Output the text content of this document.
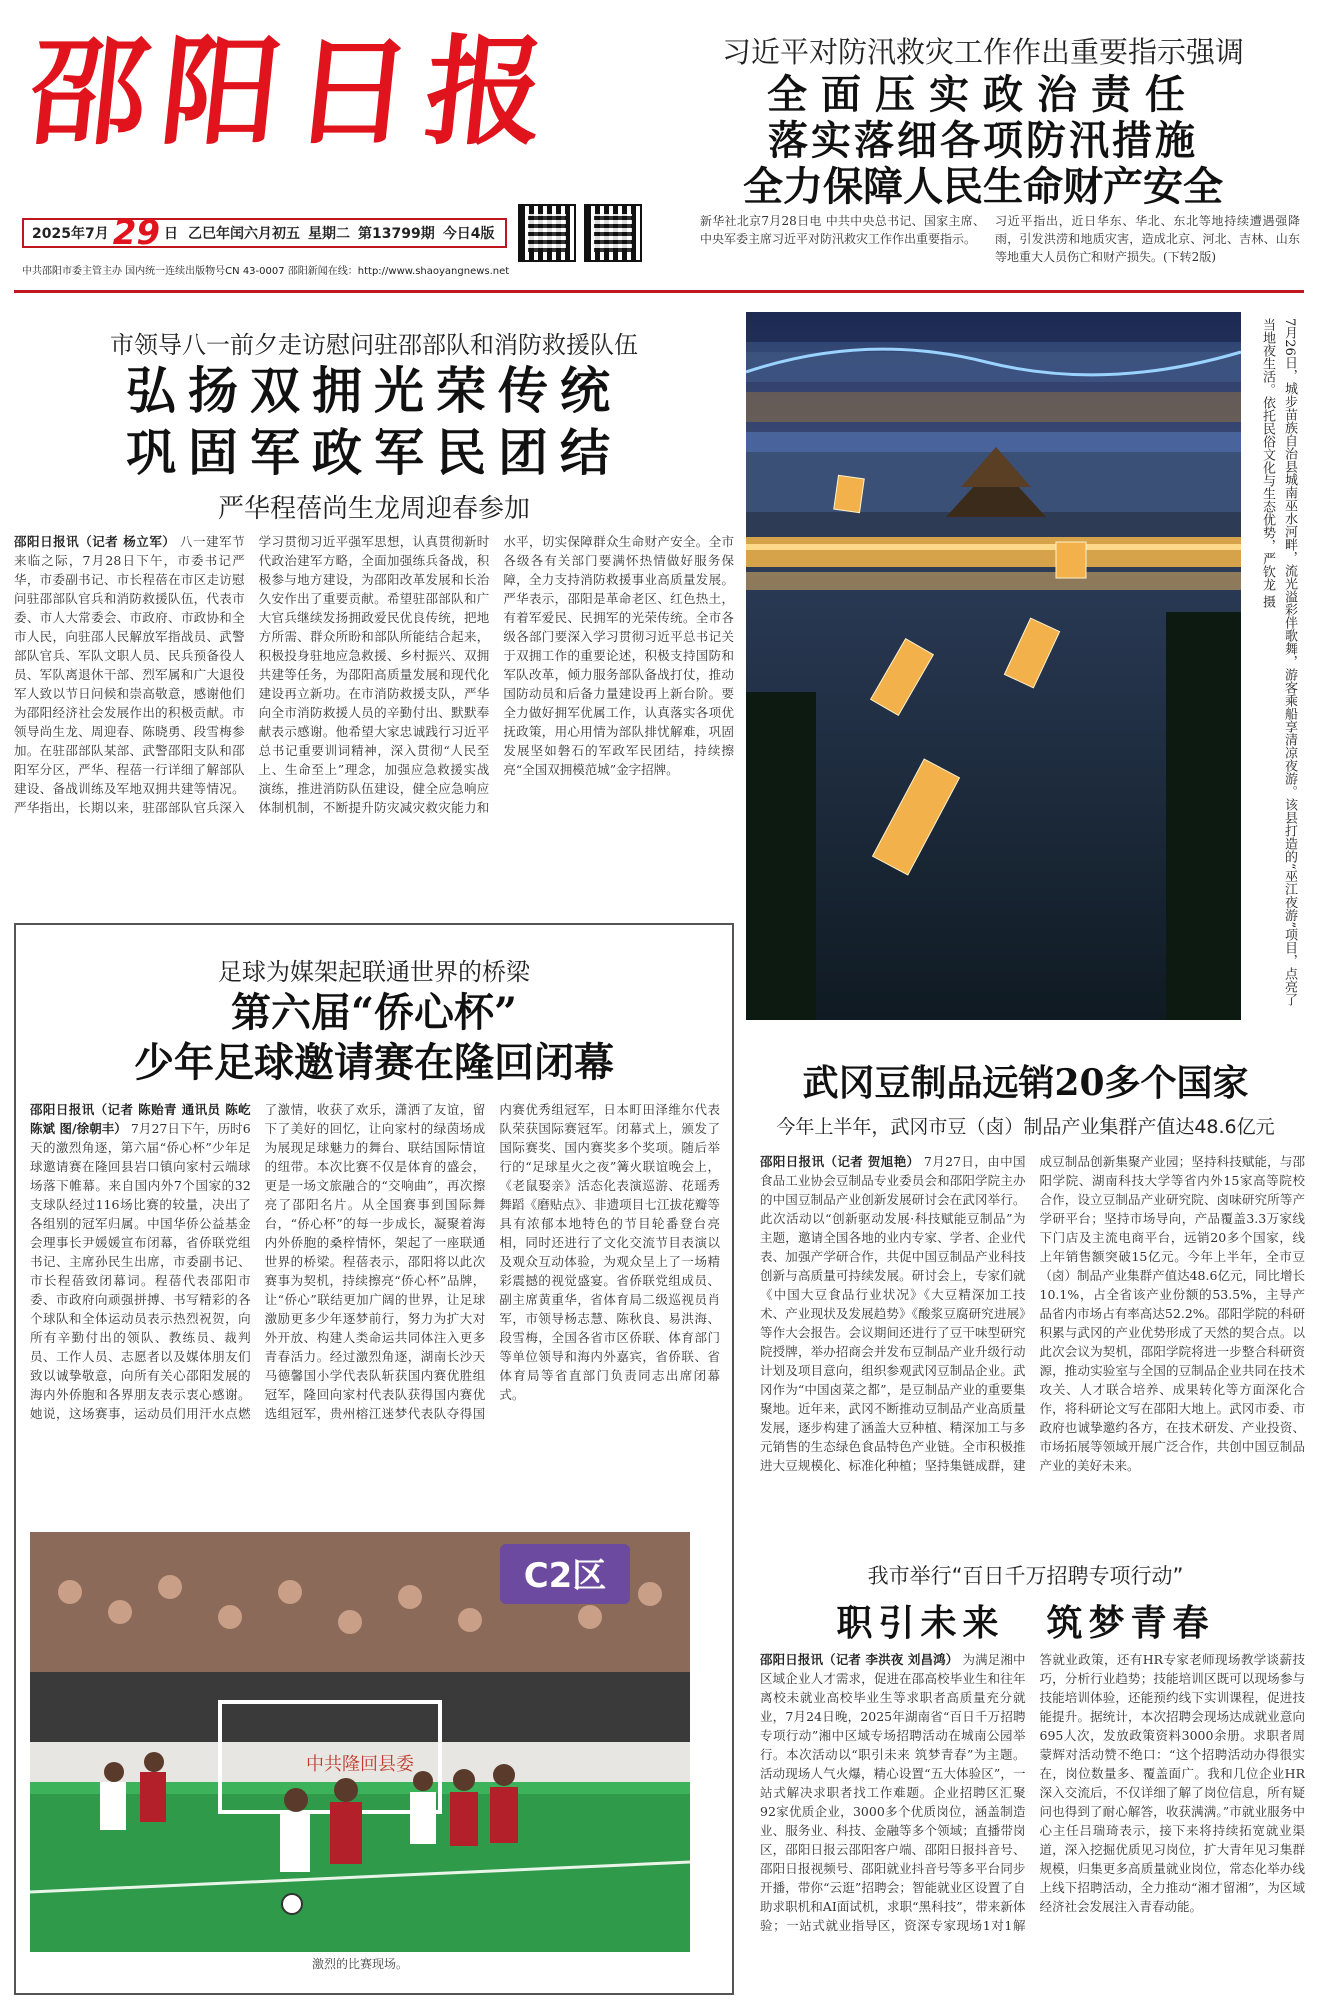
邵阳日报
2025年7月 29 日 乙巳年闰六月初五 星期二 第13799期 今日4版
中共邵阳市委主管主办 国内统一连续出版物号CN 43-0007 邵阳新闻在线：http://www.shaoyangnews.net
习近平对防汛救灾工作作出重要指示强调
全面压实政治责任
落实落细各项防汛措施
全力保障人民生命财产安全
新华社北京7月28日电 中共中央总书记、国家主席、中央军委主席习近平对防汛救灾工作作出重要指示。
习近平指出，近日华东、华北、东北等地持续遭遇强降雨，引发洪涝和地质灾害，造成北京、河北、吉林、山东等地重大人员伤亡和财产损失。(下转2版)
市领导八一前夕走访慰问驻邵部队和消防救援队伍
弘扬双拥光荣传统
巩固军政军民团结
严华程蓓尚生龙周迎春参加
邵阳日报讯（记者 杨立军） 八一建军节来临之际，7月28日下午，市委书记严华，市委副书记、市长程蓓在市区走访慰问驻邵部队官兵和消防救援队伍，代表市委、市人大常委会、市政府、市政协和全市人民，向驻邵人民解放军指战员、武警部队官兵、军队文职人员、民兵预备役人员、军队离退休干部、烈军属和广大退役军人致以节日问候和崇高敬意，感谢他们为邵阳经济社会发展作出的积极贡献。市领导尚生龙、周迎春、陈晓勇、段雪梅参加。在驻邵部队某部、武警邵阳支队和邵阳军分区，严华、程蓓一行详细了解部队建设、备战训练及军地双拥共建等情况。严华指出，长期以来，驻邵部队官兵深入学习贯彻习近平强军思想，认真贯彻新时代政治建军方略，全面加强练兵备战，积极参与地方建设，为邵阳改革发展和长治久安作出了重要贡献。希望驻邵部队和广大官兵继续发扬拥政爱民优良传统，把地方所需、群众所盼和部队所能结合起来，积极投身驻地应急救援、乡村振兴、双拥共建等任务，为邵阳高质量发展和现代化建设再立新功。在市消防救援支队，严华向全市消防救援人员的辛勤付出、默默奉献表示感谢。他希望大家忠诚践行习近平总书记重要训词精神，深入贯彻“人民至上、生命至上”理念，加强应急救援实战演练，推进消防队伍建设，健全应急响应体制机制，不断提升防灾减灾救灾能力和水平，切实保障群众生命财产安全。全市各级各有关部门要满怀热情做好服务保障，全力支持消防救援事业高质量发展。严华表示，邵阳是革命老区、红色热土，有着军爱民、民拥军的光荣传统。全市各级各部门要深入学习贯彻习近平总书记关于双拥工作的重要论述，积极支持国防和军队改革，倾力服务部队备战打仗，推动国防动员和后备力量建设再上新台阶。要全力做好拥军优属工作，认真落实各项优抚政策，用心用情为部队排忧解难，巩固发展坚如磐石的军政军民团结，持续擦亮“全国双拥模范城”金字招牌。	7月26日，城步苗族自治县城南巫水河畔，流光溢彩伴歌舞，游客乘船享清凉夜游。该县打造的“巫江夜游”项目，点亮了当地夜生活。依托民俗文化与生态优势，严钦龙 摄
足球为媒架起联通世界的桥梁
第六届“侨心杯”
少年足球邀请赛在隆回闭幕
邵阳日报讯（记者 陈贻青 通讯员 陈屹 陈斌 图/徐朝丰） 7月27日下午，历时6天的激烈角逐，第六届“侨心杯”少年足球邀请赛在隆回县岩口镇向家村云端球场落下帷幕。来自国内外7个国家的32支球队经过116场比赛的较量，决出了各组别的冠军归属。中国华侨公益基金会理事长尹媛媛宣布闭幕，省侨联党组书记、主席孙民生出席，市委副书记、市长程蓓致闭幕词。程蓓代表邵阳市委、市政府向顽强拼搏、书写精彩的各个球队和全体运动员表示热烈祝贺，向所有辛勤付出的领队、教练员、裁判员、工作人员、志愿者以及媒体朋友们致以诚挚敬意，向所有关心邵阳发展的海内外侨胞和各界朋友表示衷心感谢。她说，这场赛事，运动员们用汗水点燃了激情，收获了欢乐，潇洒了友谊，留下了美好的回忆，让向家村的绿茵场成为展现足球魅力的舞台、联结国际情谊的纽带。本次比赛不仅是体育的盛会，更是一场文旅融合的“交响曲”，再次擦亮了邵阳名片。从全国赛事到国际舞台，“侨心杯”的每一步成长，凝聚着海内外侨胞的桑梓情怀，架起了一座联通世界的桥梁。程蓓表示，邵阳将以此次赛事为契机，持续擦亮“侨心杯”品牌，让“侨心”联结更加广阔的世界，让足球激励更多少年逐梦前行，努力为扩大对外开放、构建人类命运共同体注入更多青春活力。经过激烈角逐，湖南长沙天马德馨国小学代表队斩获国内赛优胜组冠军，隆回向家村代表队获得国内赛优选组冠军，贵州榕江迷梦代表队夺得国内赛优秀组冠军，日本町田泽维尔代表队荣获国际赛冠军。闭幕式上，颁发了国际赛奖、国内赛奖多个奖项。随后举行的“足球星火之夜”篝火联谊晚会上，《老鼠娶亲》活态化表演巡游、花瑶秀舞蹈《磨贴点》、非遗项目七江拔花瓣等具有浓郁本地特色的节目轮番登台亮相，同时还进行了文化交流节目表演以及观众互动体验，为观众呈上了一场精彩震撼的视觉盛宴。省侨联党组成员、副主席黄重华，省体育局二级巡视员肖军，市领导杨志慧、陈秋良、易洪海、段雪梅，全国各省市区侨联、体育部门等单位领导和海内外嘉宾，省侨联、省体育局等省直部门负责同志出席闭幕式。
C2区
中共隆回县委
激烈的比赛现场。
武冈豆制品远销20多个国家
今年上半年，武冈市豆（卤）制品产业集群产值达48.6亿元
邵阳日报讯（记者 贺旭艳） 7月27日，由中国食品工业协会豆制品专业委员会和邵阳学院主办的中国豆制品产业创新发展研讨会在武冈举行。此次活动以“创新驱动发展·科技赋能豆制品”为主题，邀请全国各地的业内专家、学者、企业代表、加强产学研合作，共促中国豆制品产业科技创新与高质量可持续发展。研讨会上，专家们就《中国大豆食品行业状况》《大豆精深加工技术、产业现状及发展趋势》《酸浆豆腐研究进展》等作大会报告。会议期间还进行了豆干味型研究院授牌，举办招商会并发布豆制品产业升级行动计划及项目意向，组织参观武冈豆制品企业。武冈作为“中国卤菜之都”，是豆制品产业的重要集聚地。近年来，武冈不断推动豆制品产业高质量发展，逐步构建了涵盖大豆种植、精深加工与多元销售的生态绿色食品特色产业链。全市积极推进大豆规模化、标准化种植；坚持集链成群，建成豆制品创新集聚产业园；坚持科技赋能，与邵阳学院、湖南科技大学等省内外15家高等院校合作，设立豆制品产业研究院、卤味研究所等产学研平台；坚持市场导向，产品覆盖3.3万家线下门店及主流电商平台，远销20多个国家，线上年销售额突破15亿元。今年上半年，全市豆（卤）制品产业集群产值达48.6亿元，同比增长10.1%，占全省该产业份额的53.5%，主导产品省内市场占有率高达52.2%。邵阳学院的科研积累与武冈的产业优势形成了天然的契合点。以此次会议为契机，邵阳学院将进一步整合科研资源，推动实验室与全国的豆制品企业共同在技术攻关、人才联合培养、成果转化等方面深化合作，将科研论文写在邵阳大地上。武冈市委、市政府也诚挚邀约各方，在技术研发、产业投资、市场拓展等领域开展广泛合作，共创中国豆制品产业的美好未来。
我市举行“百日千万招聘专项行动”
职引未来　筑梦青春
邵阳日报讯（记者 李洪夜 刘昌鸿） 为满足湘中区域企业人才需求，促进在邵高校毕业生和往年离校未就业高校毕业生等求职者高质量充分就业，7月24日晚，2025年湖南省“百日千万招聘专项行动”湘中区域专场招聘活动在城南公园举行。本次活动以“职引未来 筑梦青春”为主题。活动现场人气火爆，精心设置“五大体验区”，一站式解决求职者找工作难题。企业招聘区汇聚92家优质企业，3000多个优质岗位，涵盖制造业、服务业、科技、金融等多个领域；直播带岗区，邵阳日报云邵阳客户端、邵阳日报抖音号、邵阳日报视频号、邵阳就业抖音号等多平台同步开播，带你“云逛”招聘会；智能就业区设置了自助求职机和AI面试机，求职“黑科技”，带来新体验；一站式就业指导区，资深专家现场1对1解答就业政策，还有HR专家老师现场教学谈薪技巧，分析行业趋势；技能培训区既可以现场参与技能培训体验，还能预约线下实训课程，促进技能提升。据统计，本次招聘会现场达成就业意向695人次，发放政策资料3000余册。求职者周蒙辉对活动赞不绝口：“这个招聘活动办得很实在，岗位数量多、覆盖面广。我和几位企业HR深入交流后，不仅详细了解了岗位信息，所有疑问也得到了耐心解答，收获满满。”市就业服务中心主任吕瑞琦表示，接下来将持续拓宽就业渠道，深入挖掘优质见习岗位，扩大青年见习集群规模，归集更多高质量就业岗位，常态化举办线上线下招聘活动，全力推动“湘才留湘”，为区域经济社会发展注入青春动能。
